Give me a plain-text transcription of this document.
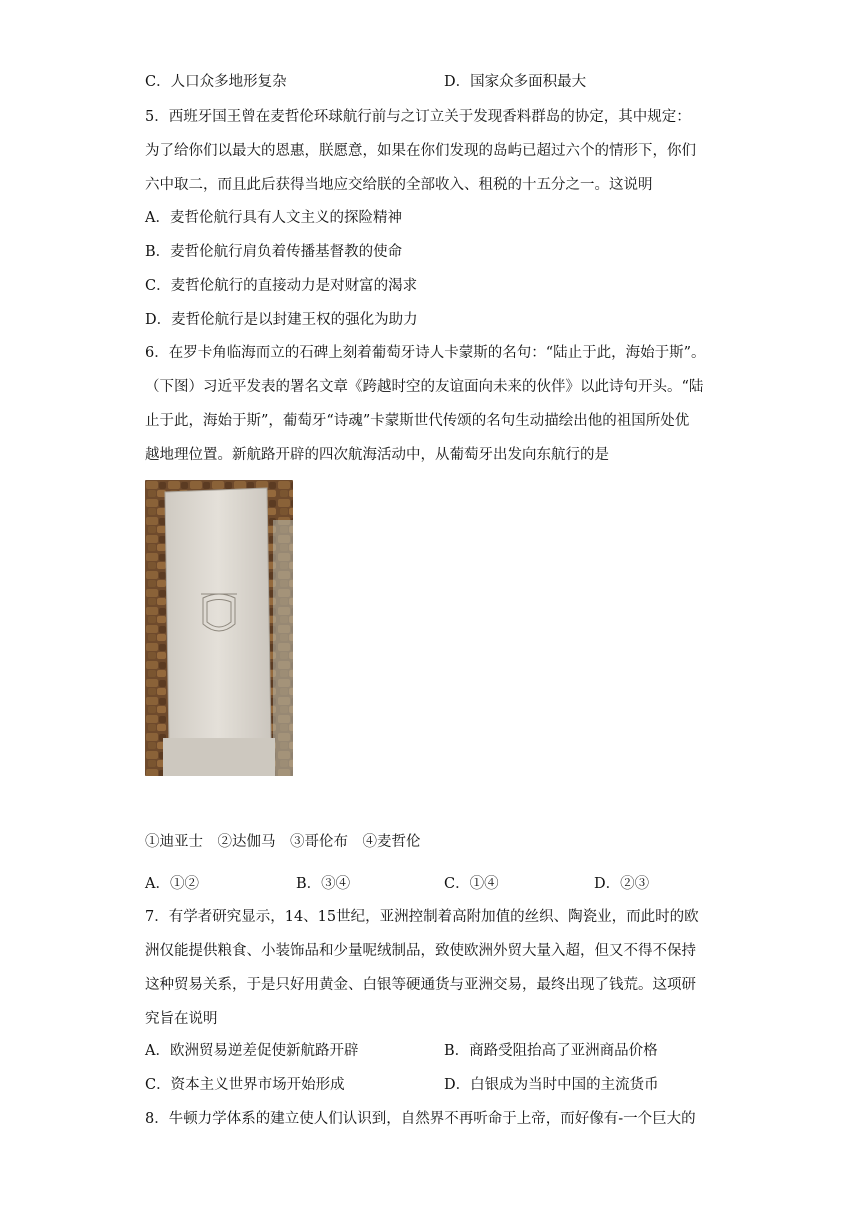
C．人口众多地形复杂	D．国家众多面积最大
5．西班牙国王曾在麦哲伦环球航行前与之订立关于发现香料群岛的协定，其中规定：
为了给你们以最大的恩惠，朕愿意，如果在你们发现的岛屿已超过六个的情形下，你们
六中取二，而且此后获得当地应交给朕的全部收入、租税的十五分之一。这说明
A．麦哲伦航行具有人文主义的探险精神
B．麦哲伦航行肩负着传播基督教的使命
C．麦哲伦航行的直接动力是对财富的渴求
D．麦哲伦航行是以封建王权的强化为助力
6．在罗卡角临海而立的石碑上刻着葡萄牙诗人卡蒙斯的名句：“陆止于此，海始于斯”。
（下图）习近平发表的署名文章《跨越时空的友谊面向未来的伙伴》以此诗句开头。“陆
止于此，海始于斯”，葡萄牙“诗魂”卡蒙斯世代传颂的名句生动描绘出他的祖国所处优
越地理位置。新航路开辟的四次航海活动中，从葡萄牙出发向东航行的是
①迪亚士　②达伽马　③哥伦布　④麦哲伦
A．①②	B．③④	C．①④	D．②③
7．有学者研究显示，14、15世纪，亚洲控制着高附加值的丝织、陶瓷业，而此时的欧
洲仅能提供粮食、小装饰品和少量呢绒制品，致使欧洲外贸大量入超，但又不得不保持
这种贸易关系，于是只好用黄金、白银等硬通货与亚洲交易，最终出现了钱荒。这项研
究旨在说明
A．欧洲贸易逆差促使新航路开辟	B．商路受阻抬高了亚洲商品价格
C．资本主义世界市场开始形成	D．白银成为当时中国的主流货币
8．牛顿力学体系的建立使人们认识到，自然界不再听命于上帝，而好像有-一个巨大的
